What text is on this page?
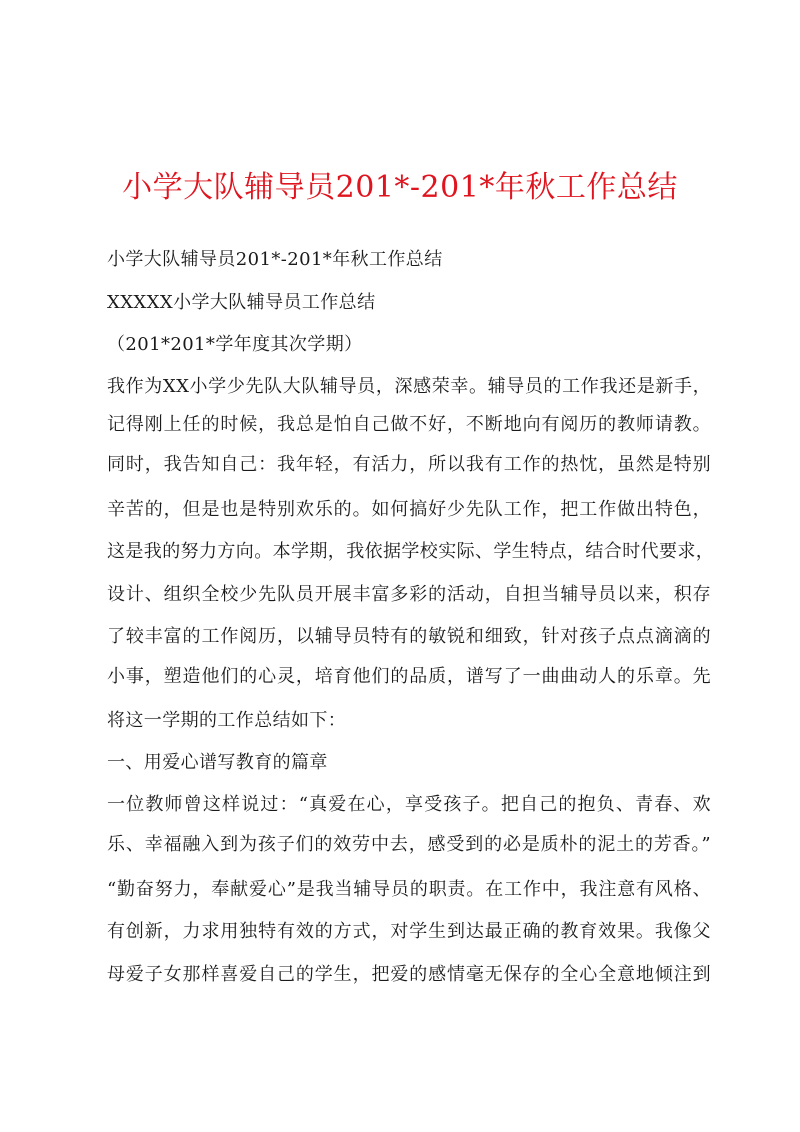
小学大队辅导员201*-201*年秋工作总结
小学大队辅导员201*-201*年秋工作总结
XXXXX小学大队辅导员工作总结
（201*201*学年度其次学期）
我作为XX小学少先队大队辅导员，深感荣幸。辅导员的工作我还是新手，
记得刚上任的时候，我总是怕自己做不好，不断地向有阅历的教师请教。
同时，我告知自己：我年轻，有活力，所以我有工作的热忱，虽然是特别
辛苦的，但是也是特别欢乐的。如何搞好少先队工作，把工作做出特色，
这是我的努力方向。本学期，我依据学校实际、学生特点，结合时代要求，
设计、组织全校少先队员开展丰富多彩的活动，自担当辅导员以来，积存
了较丰富的工作阅历，以辅导员特有的敏锐和细致，针对孩子点点滴滴的
小事，塑造他们的心灵，培育他们的品质，谱写了一曲曲动人的乐章。先
将这一学期的工作总结如下：
一、用爱心谱写教育的篇章
一位教师曾这样说过：“真爱在心，享受孩子。把自己的抱负、青春、欢
乐、幸福融入到为孩子们的效劳中去，感受到的必是质朴的泥土的芳香。”
“勤奋努力，奉献爱心”是我当辅导员的职责。在工作中，我注意有风格、
有创新，力求用独特有效的方式，对学生到达最正确的教育效果。我像父
母爱子女那样喜爱自己的学生，把爱的感情毫无保存的全心全意地倾注到
